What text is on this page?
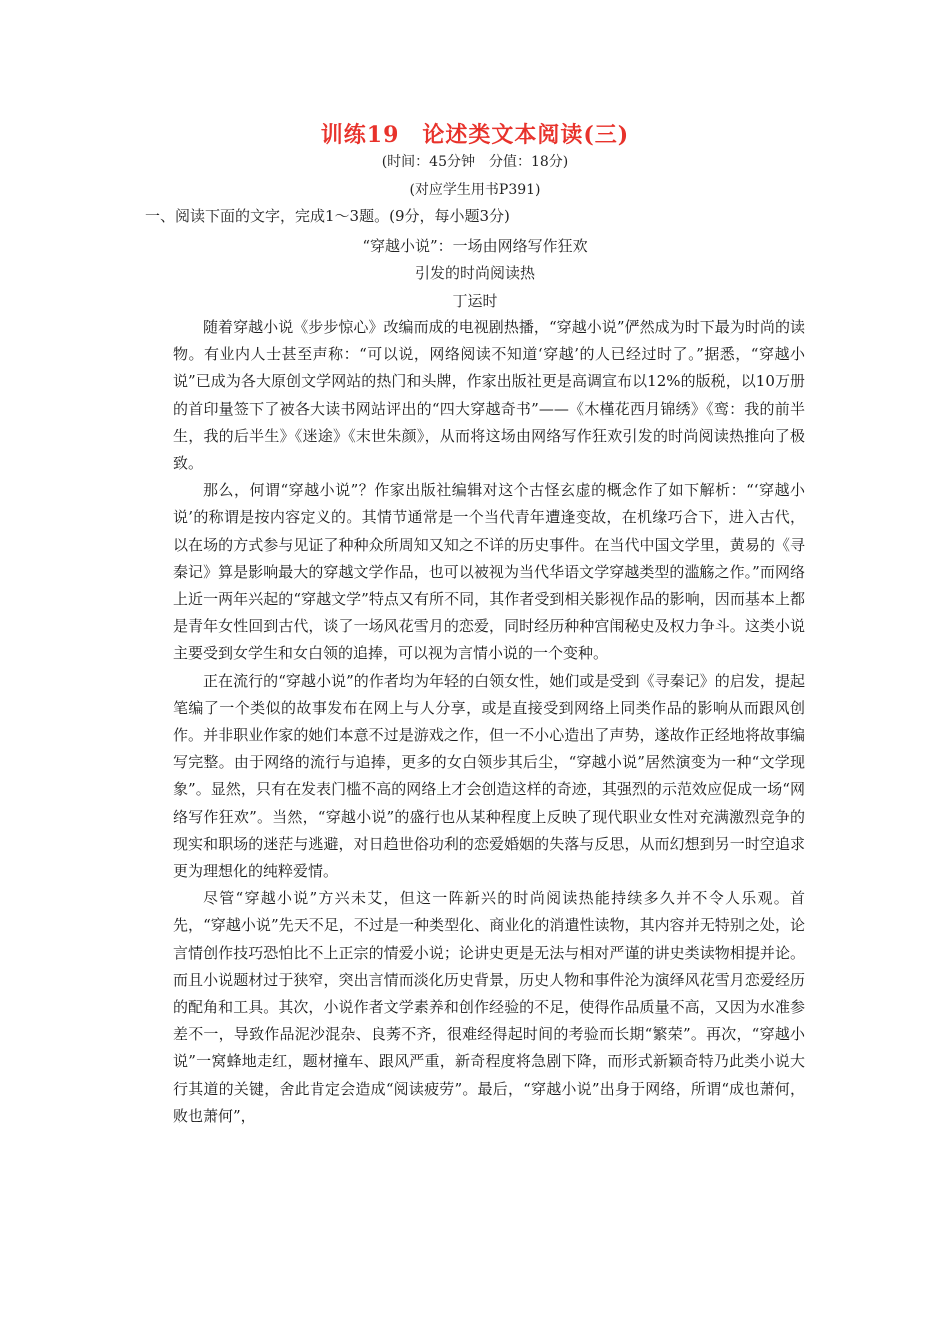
训练19　论述类文本阅读(三)
(时间：45分钟　分值：18分)
(对应学生用书P391)
一、阅读下面的文字，完成1～3题。(9分，每小题3分)
“穿越小说”：一场由网络写作狂欢
引发的时尚阅读热
丁运时

随着穿越小说《步步惊心》改编而成的电视剧热播，“穿越小说”俨然成为时下最为时尚的读物。有业内人士甚至声称：“可以说，网络阅读不知道‘穿越’的人已经过时了。”据悉，“穿越小说”已成为各大原创文学网站的热门和头牌，作家出版社更是高调宣布以12%的版税，以10万册的首印量签下了被各大读书网站评出的“四大穿越奇书”——《木槿花西月锦绣》《鸾：我的前半生，我的后半生》《迷途》《末世朱颜》，从而将这场由网络写作狂欢引发的时尚阅读热推向了极致。

那么，何谓“穿越小说”？作家出版社编辑对这个古怪玄虚的概念作了如下解析：“‘穿越小说’的称谓是按内容定义的。其情节通常是一个当代青年遭逢变故，在机缘巧合下，进入古代，以在场的方式参与见证了种种众所周知又知之不详的历史事件。在当代中国文学里，黄易的《寻秦记》算是影响最大的穿越文学作品，也可以被视为当代华语文学穿越类型的滥觞之作。”而网络上近一两年兴起的“穿越文学”特点又有所不同，其作者受到相关影视作品的影响，因而基本上都是青年女性回到古代，谈了一场风花雪月的恋爱，同时经历种种宫闱秘史及权力争斗。这类小说主要受到女学生和女白领的追捧，可以视为言情小说的一个变种。

正在流行的“穿越小说”的作者均为年轻的白领女性，她们或是受到《寻秦记》的启发，提起笔编了一个类似的故事发布在网上与人分享，或是直接受到网络上同类作品的影响从而跟风创作。并非职业作家的她们本意不过是游戏之作，但一不小心造出了声势，遂故作正经地将故事编写完整。由于网络的流行与追捧，更多的女白领步其后尘，“穿越小说”居然演变为一种“文学现象”。显然，只有在发表门槛不高的网络上才会创造这样的奇迹，其强烈的示范效应促成一场“网络写作狂欢”。当然，“穿越小说”的盛行也从某种程度上反映了现代职业女性对充满激烈竞争的现实和职场的迷茫与逃避，对日趋世俗功利的恋爱婚姻的失落与反思，从而幻想到另一时空追求更为理想化的纯粹爱情。

尽管“穿越小说”方兴未艾，但这一阵新兴的时尚阅读热能持续多久并不令人乐观。首先，“穿越小说”先天不足，不过是一种类型化、商业化的消遣性读物，其内容并无特别之处，论言情创作技巧恐怕比不上正宗的情爱小说；论讲史更是无法与相对严谨的讲史类读物相提并论。而且小说题材过于狭窄，突出言情而淡化历史背景，历史人物和事件沦为演绎风花雪月恋爱经历的配角和工具。其次，小说作者文学素养和创作经验的不足，使得作品质量不高，又因为水准参差不一，导致作品泥沙混杂、良莠不齐，很难经得起时间的考验而长期“繁荣”。再次，“穿越小说”一窝蜂地走红，题材撞车、跟风严重，新奇程度将急剧下降，而形式新颖奇特乃此类小说大行其道的关键，舍此肯定会造成“阅读疲劳”。最后，“穿越小说”出身于网络，所谓“成也萧何，败也萧何”，
